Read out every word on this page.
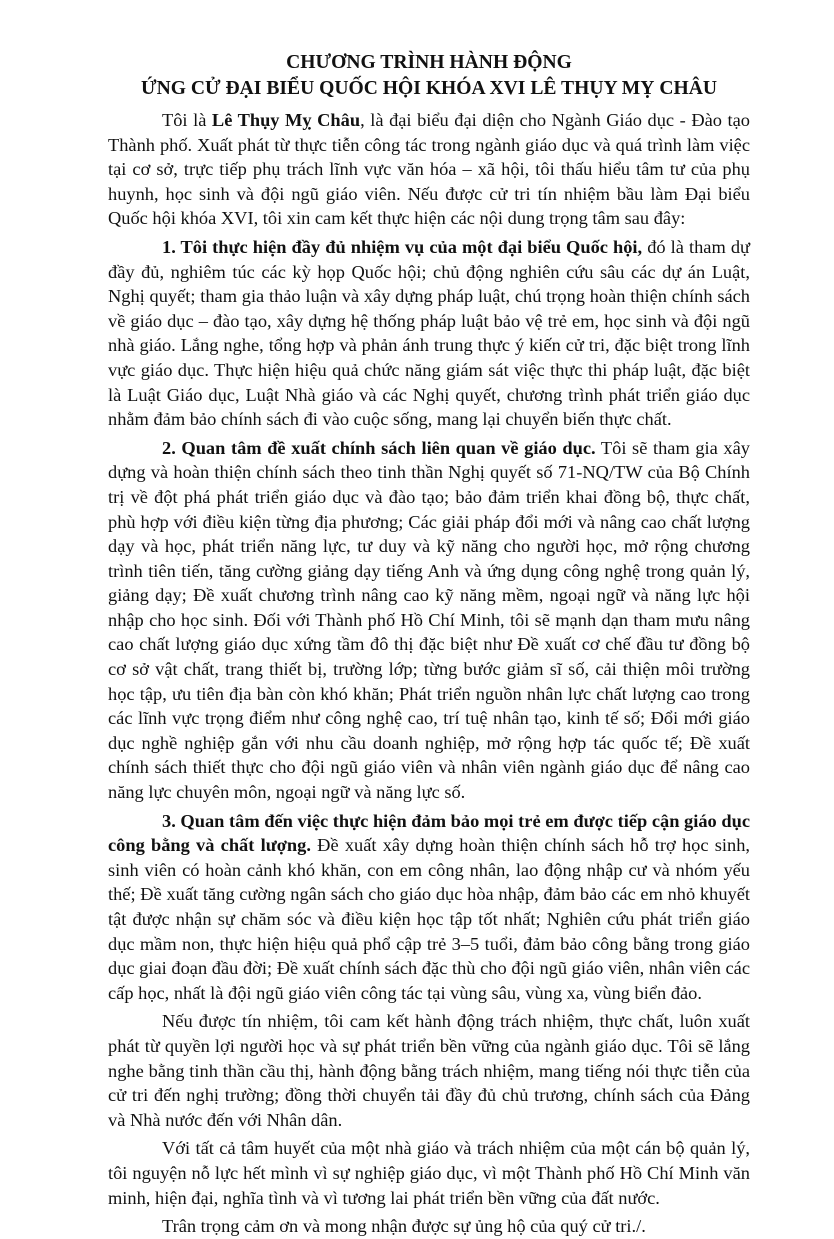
CHƯƠNG TRÌNH HÀNH ĐỘNG

ỨNG CỬ ĐẠI BIỂU QUỐC HỘI KHÓA XVI LÊ THỤY MỴ CHÂU

Tôi là Lê Thụy Mỵ Châu, là đại biểu đại diện cho Ngành Giáo dục - Đào tạo Thành phố. Xuất phát từ thực tiễn công tác trong ngành giáo dục và quá trình làm việc tại cơ sở, trực tiếp phụ trách lĩnh vực văn hóa – xã hội, tôi thấu hiểu tâm tư của phụ huynh, học sinh và đội ngũ giáo viên. Nếu được cử tri tín nhiệm bầu làm Đại biểu Quốc hội khóa XVI, tôi xin cam kết thực hiện các nội dung trọng tâm sau đây:

1. Tôi thực hiện đầy đủ nhiệm vụ của một đại biểu Quốc hội, đó là tham dự đầy đủ, nghiêm túc các kỳ họp Quốc hội; chủ động nghiên cứu sâu các dự án Luật, Nghị quyết; tham gia thảo luận và xây dựng pháp luật, chú trọng hoàn thiện chính sách về giáo dục – đào tạo, xây dựng hệ thống pháp luật bảo vệ trẻ em, học sinh và đội ngũ nhà giáo. Lắng nghe, tổng hợp và phản ánh trung thực ý kiến cử tri, đặc biệt trong lĩnh vực giáo dục. Thực hiện hiệu quả chức năng giám sát việc thực thi pháp luật, đặc biệt là Luật Giáo dục, Luật Nhà giáo và các Nghị quyết, chương trình phát triển giáo dục nhằm đảm bảo chính sách đi vào cuộc sống, mang lại chuyển biến thực chất.

2. Quan tâm đề xuất chính sách liên quan về giáo dục. Tôi sẽ tham gia xây dựng và hoàn thiện chính sách theo tinh thần Nghị quyết số 71-NQ/TW của Bộ Chính trị về đột phá phát triển giáo dục và đào tạo; bảo đảm triển khai đồng bộ, thực chất, phù hợp với điều kiện từng địa phương; Các giải pháp đổi mới và nâng cao chất lượng dạy và học, phát triển năng lực, tư duy và kỹ năng cho người học, mở rộng chương trình tiên tiến, tăng cường giảng dạy tiếng Anh và ứng dụng công nghệ trong quản lý, giảng dạy; Đề xuất chương trình nâng cao kỹ năng mềm, ngoại ngữ và năng lực hội nhập cho học sinh. Đối với Thành phố Hồ Chí Minh, tôi sẽ mạnh dạn tham mưu nâng cao chất lượng giáo dục xứng tầm đô thị đặc biệt như Đề xuất cơ chế đầu tư đồng bộ cơ sở vật chất, trang thiết bị, trường lớp; từng bước giảm sĩ số, cải thiện môi trường học tập, ưu tiên địa bàn còn khó khăn; Phát triển nguồn nhân lực chất lượng cao trong các lĩnh vực trọng điểm như công nghệ cao, trí tuệ nhân tạo, kinh tế số; Đổi mới giáo dục nghề nghiệp gắn với nhu cầu doanh nghiệp, mở rộng hợp tác quốc tế; Đề xuất chính sách thiết thực cho đội ngũ giáo viên và nhân viên ngành giáo dục để nâng cao năng lực chuyên môn, ngoại ngữ và năng lực số.

3. Quan tâm đến việc thực hiện đảm bảo mọi trẻ em được tiếp cận giáo dục công bằng và chất lượng. Đề xuất xây dựng hoàn thiện chính sách hỗ trợ học sinh, sinh viên có hoàn cảnh khó khăn, con em công nhân, lao động nhập cư và nhóm yếu thế; Đề xuất tăng cường ngân sách cho giáo dục hòa nhập, đảm bảo các em nhỏ khuyết tật được nhận sự chăm sóc và điều kiện học tập tốt nhất; Nghiên cứu phát triển giáo dục mầm non, thực hiện hiệu quả phổ cập trẻ 3–5 tuổi, đảm bảo công bằng trong giáo dục giai đoạn đầu đời; Đề xuất chính sách đặc thù cho đội ngũ giáo viên, nhân viên các cấp học, nhất là đội ngũ giáo viên công tác tại vùng sâu, vùng xa, vùng biển đảo.

Nếu được tín nhiệm, tôi cam kết hành động trách nhiệm, thực chất, luôn xuất phát từ quyền lợi người học và sự phát triển bền vững của ngành giáo dục. Tôi sẽ lắng nghe bằng tinh thần cầu thị, hành động bằng trách nhiệm, mang tiếng nói thực tiễn của cử tri đến nghị trường; đồng thời chuyển tải đầy đủ chủ trương, chính sách của Đảng và Nhà nước đến với Nhân dân.

Với tất cả tâm huyết của một nhà giáo và trách nhiệm của một cán bộ quản lý, tôi nguyện nỗ lực hết mình vì sự nghiệp giáo dục, vì một Thành phố Hồ Chí Minh văn minh, hiện đại, nghĩa tình và vì tương lai phát triển bền vững của đất nước.

Trân trọng cảm ơn và mong nhận được sự ủng hộ của quý cử tri./.
